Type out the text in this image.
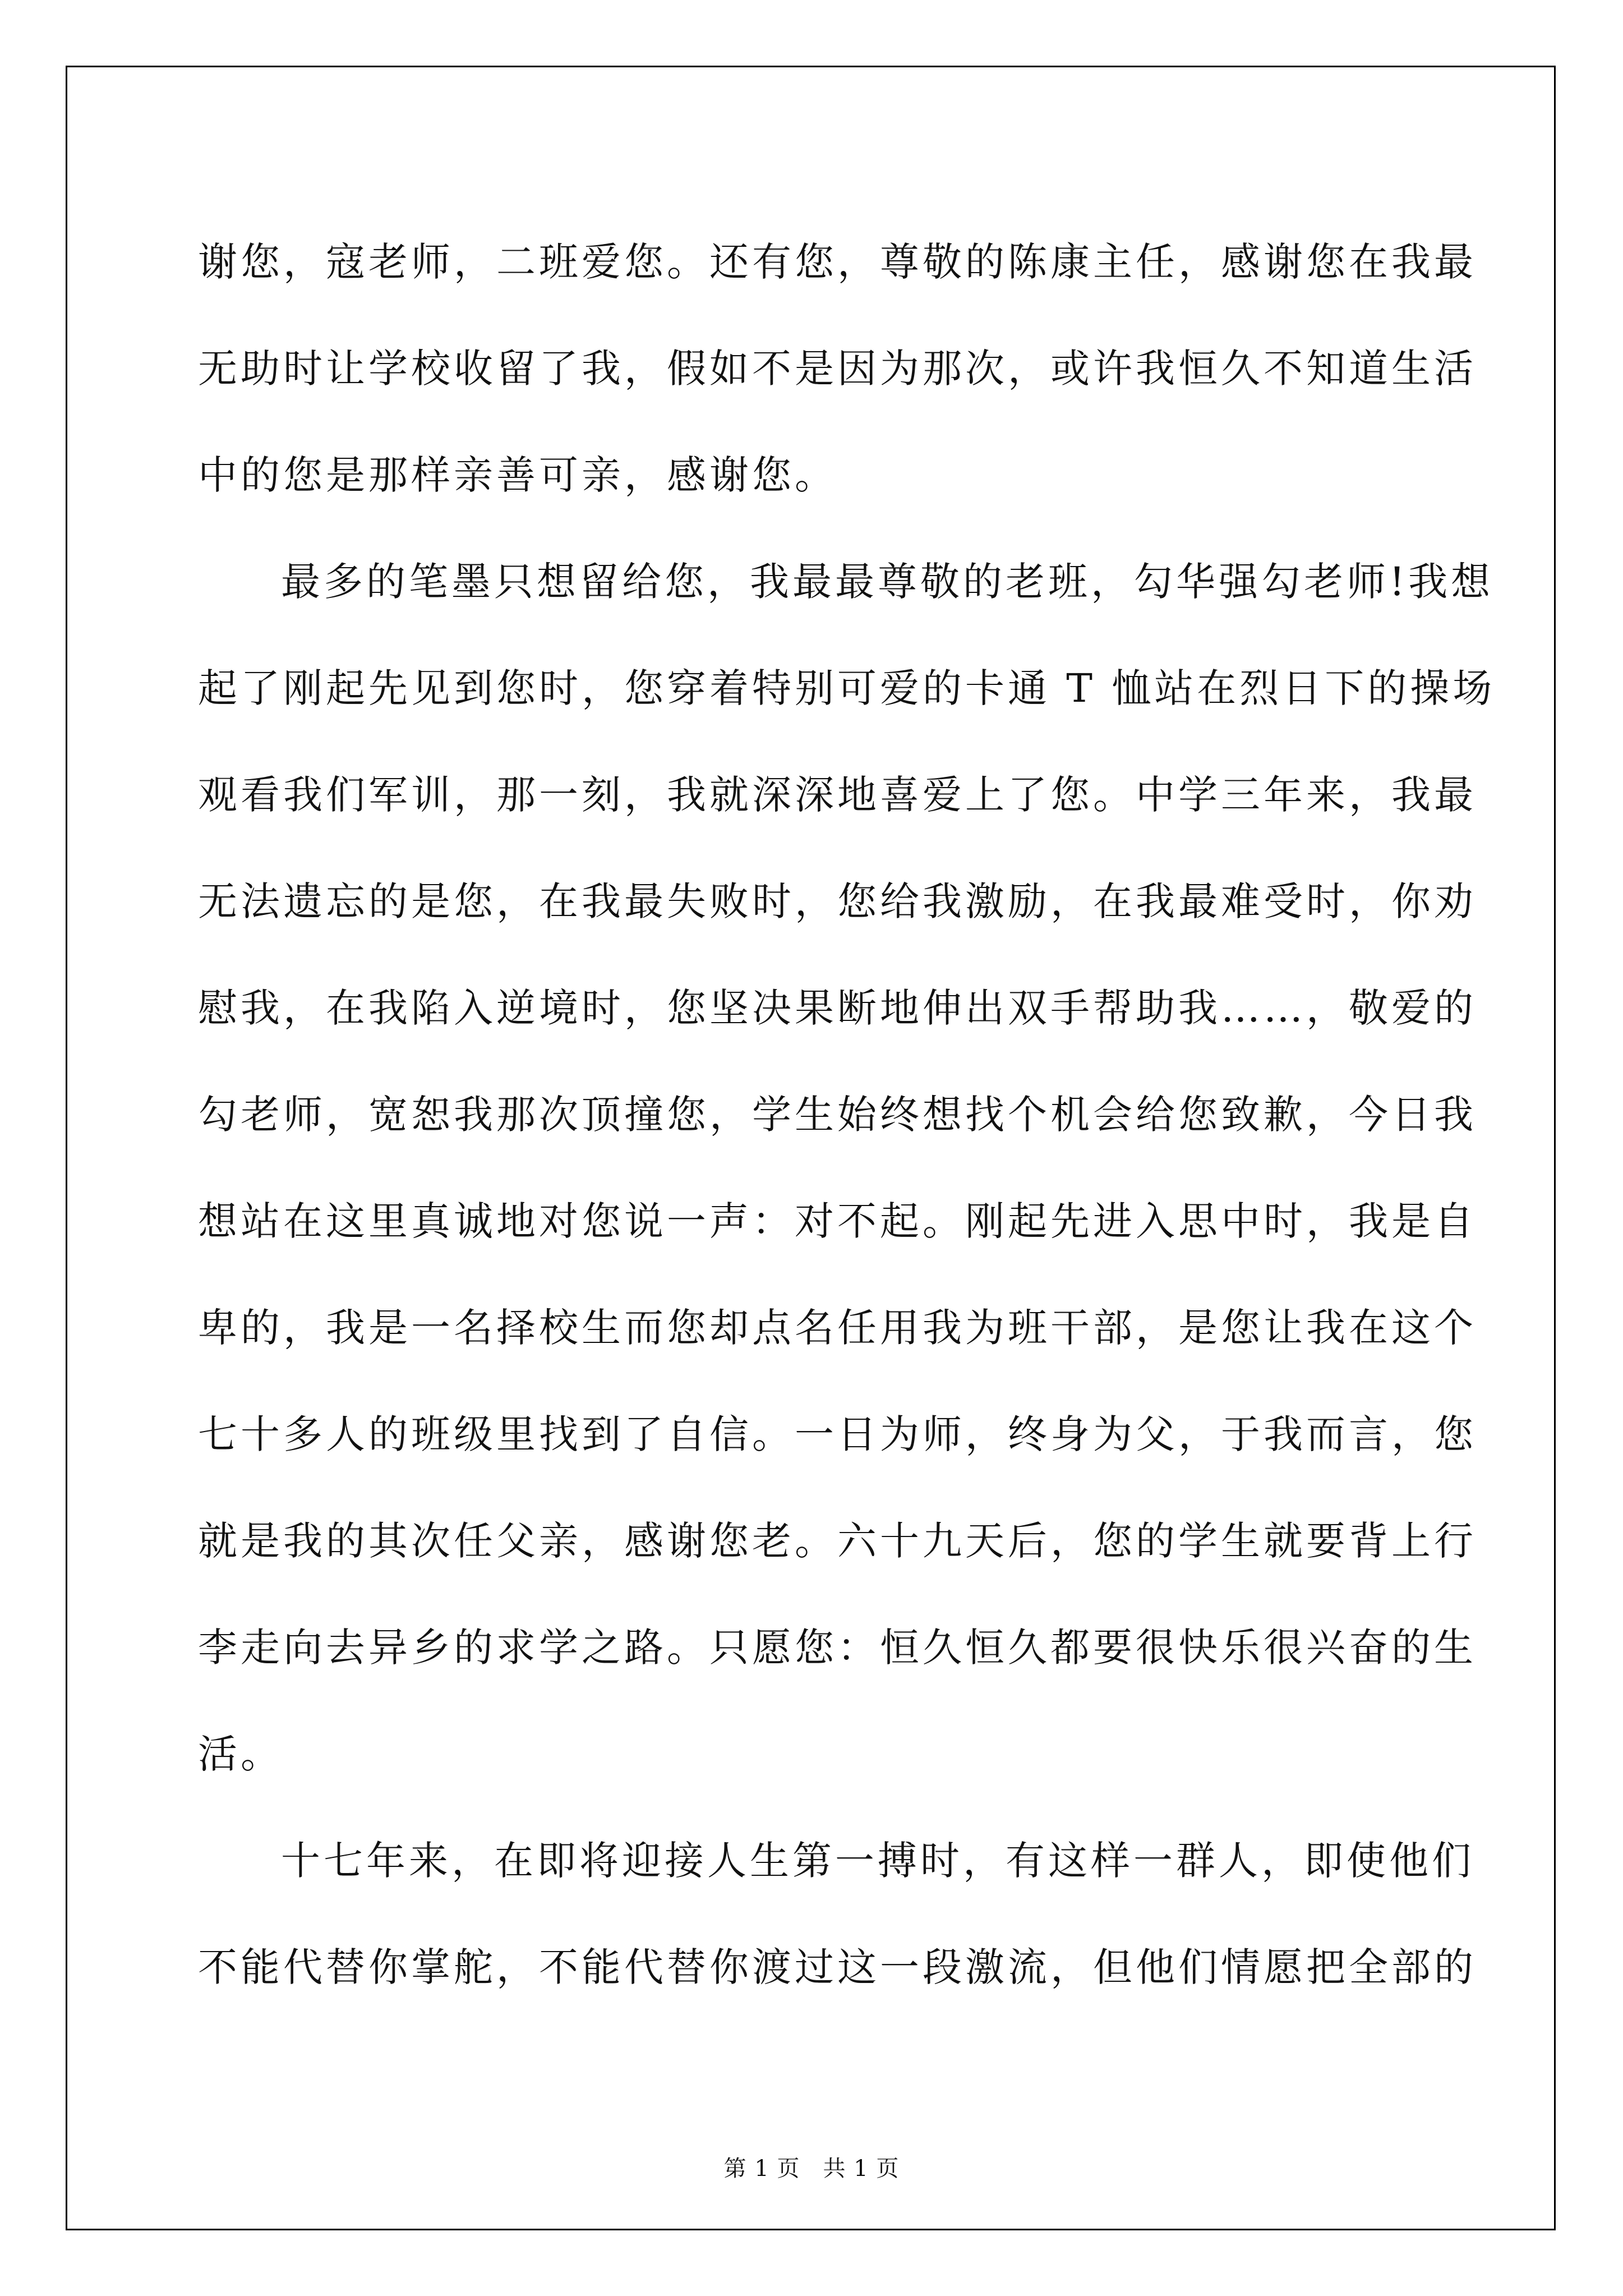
谢您，寇老师，二班爱您。还有您，尊敬的陈康主任，感谢您在我最
无助时让学校收留了我，假如不是因为那次，或许我恒久不知道生活
中的您是那样亲善可亲，感谢您。
最多的笔墨只想留给您，我最最尊敬的老班，勾华强勾老师!我想
起了刚起先见到您时，您穿着特别可爱的卡通 T 恤站在烈日下的操场
观看我们军训，那一刻，我就深深地喜爱上了您。中学三年来，我最
无法遗忘的是您，在我最失败时，您给我激励，在我最难受时，你劝
慰我，在我陷入逆境时，您坚决果断地伸出双手帮助我……，敬爱的
勾老师，宽恕我那次顶撞您，学生始终想找个机会给您致歉，今日我
想站在这里真诚地对您说一声：对不起。刚起先进入思中时，我是自
卑的，我是一名择校生而您却点名任用我为班干部，是您让我在这个
七十多人的班级里找到了自信。一日为师，终身为父，于我而言，您
就是我的其次任父亲，感谢您老。六十九天后，您的学生就要背上行
李走向去异乡的求学之路。只愿您：恒久恒久都要很快乐很兴奋的生
活。
十七年来，在即将迎接人生第一搏时，有这样一群人，即使他们
不能代替你掌舵，不能代替你渡过这一段激流，但他们情愿把全部的
第 1 页　共 1 页
